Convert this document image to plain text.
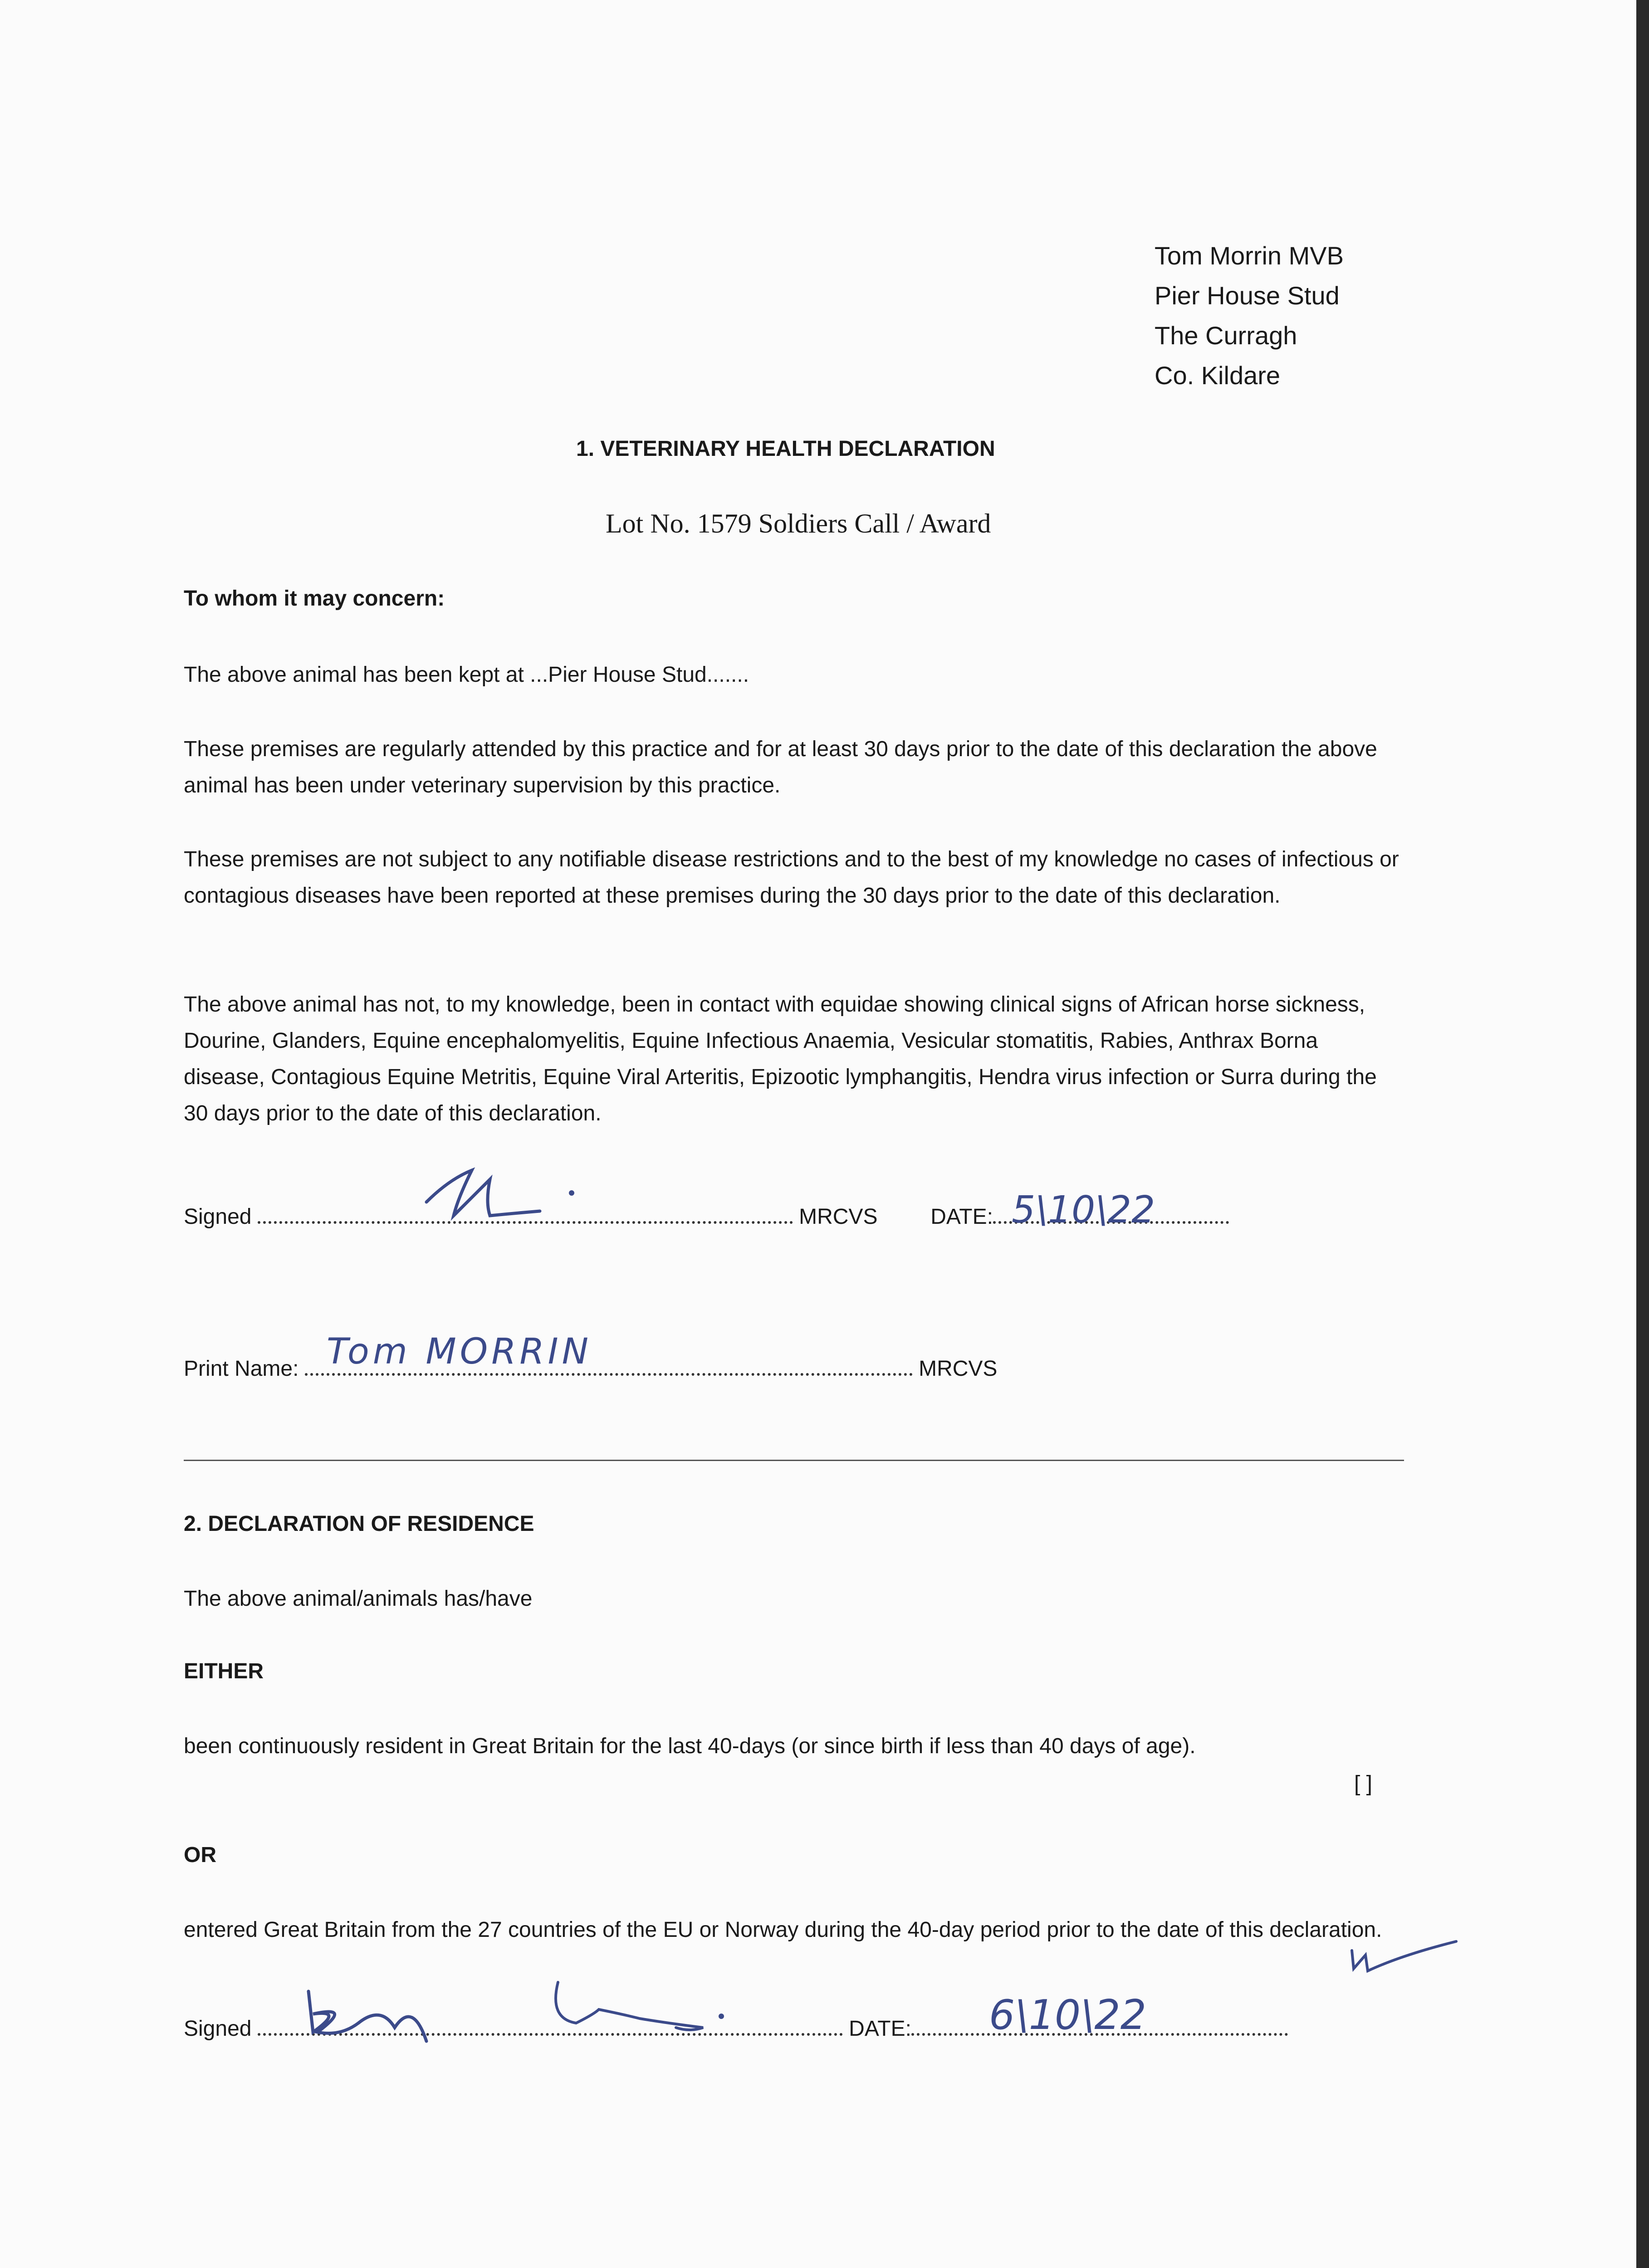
Tom Morrin MVB
Pier House Stud
The Curragh
Co. Kildare
1. VETERINARY HEALTH DECLARATION
Lot No. 1579 Soldiers Call / Award
To whom it may concern:
The above animal has been kept at ...Pier House Stud.......
These premises are regularly attended by this practice and for at least 30 days prior to the date of this declaration the above animal has been under veterinary supervision by this practice.
These premises are not subject to any notifiable disease restrictions and to the best of my knowledge no cases of infectious or contagious diseases have been reported at these premises during the 30 days prior to the date of this declaration.
The above animal has not, to my knowledge, been in contact with equidae showing clinical signs of African horse sickness, Dourine, Glanders, Equine encephalomyelitis, Equine Infectious Anaemia, Vesicular stomatitis, Rabies, Anthrax Borna disease, Contagious Equine Metritis, Equine Viral Arteritis, Epizootic lymphangitis, Hendra virus infection or Surra during the 30 days prior to the date of this declaration.
Signed	MRCVS DATE: 5\10\22
Print Name:	MRCVS
Tom MORRIN
2. DECLARATION OF RESIDENCE
The above animal/animals has/have
EITHER
been continuously resident in Great Britain for the last 40-days (or since birth if less than 40 days of age).
[ ]
OR
entered Great Britain from the 27 countries of the EU or Norway during the 40-day period prior to the date of this declaration.
Signed	DATE:	6\10\22
